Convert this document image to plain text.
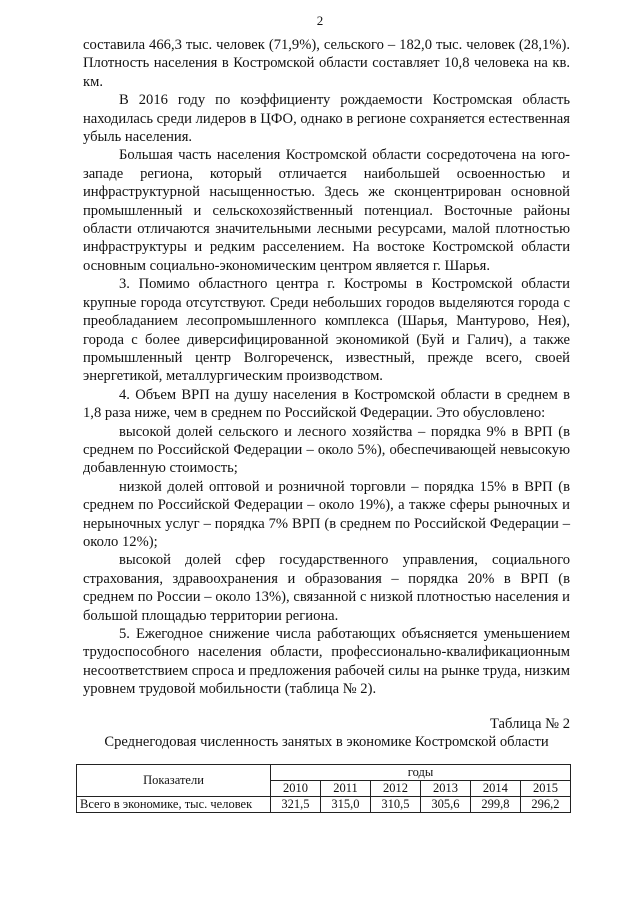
2

составила 466,3 тыс. человек (71,9%), сельского – 182,0 тыс. человек (28,1%). Плотность населения в Костромской области составляет 10,8 человека на кв. км.

В 2016 году по коэффициенту рождаемости Костромская область находилась среди лидеров в ЦФО, однако в регионе сохраняется естественная убыль населения.

Большая часть населения Костромской области сосредоточена на юго-западе региона, который отличается наибольшей освоенностью и инфраструктурной насыщенностью. Здесь же сконцентрирован основной промышленный и сельскохозяйственный потенциал. Восточные районы области отличаются значительными лесными ресурсами, малой плотностью инфраструктуры и редким расселением. На востоке Костромской области основным социально-экономическим центром является г. Шарья.

3. Помимо областного центра г. Костромы в Костромской области крупные города отсутствуют. Среди небольших городов выделяются города с преобладанием лесопромышленного комплекса (Шарья, Мантурово, Нея), города с более диверсифицированной экономикой (Буй и Галич), а также промышленный центр Волгореченск, известный, прежде всего, своей энергетикой, металлургическим производством.

4. Объем ВРП на душу населения в Костромской области в среднем в 1,8 раза ниже, чем в среднем по Российской Федерации. Это обусловлено:

высокой долей сельского и лесного хозяйства – порядка 9% в ВРП (в среднем по Российской Федерации – около 5%), обеспечивающей невысокую добавленную стоимость;

низкой долей оптовой и розничной торговли – порядка 15% в ВРП (в среднем по Российской Федерации – около 19%), а также сферы рыночных и нерыночных услуг – порядка 7% ВРП (в среднем по Российской Федерации – около 12%);

высокой долей сфер государственного управления, социального страхования, здравоохранения и образования – порядка 20% в ВРП (в среднем по России – около 13%), связанной с низкой плотностью населения и большой площадью территории региона.

5. Ежегодное снижение числа работающих объясняется уменьшением трудоспособного населения области, профессионально-квалификационным несоответствием спроса и предложения рабочей силы на рынке труда, низким уровнем трудовой мобильности (таблица № 2).

Таблица № 2
Среднегодовая численность занятых в экономике Костромской области
Показатели	годы					
	2010	2011	2012	2013	2014	2015
Всего в экономике, тыс. человек	321,5	315,0	310,5	305,6	299,8	296,2
